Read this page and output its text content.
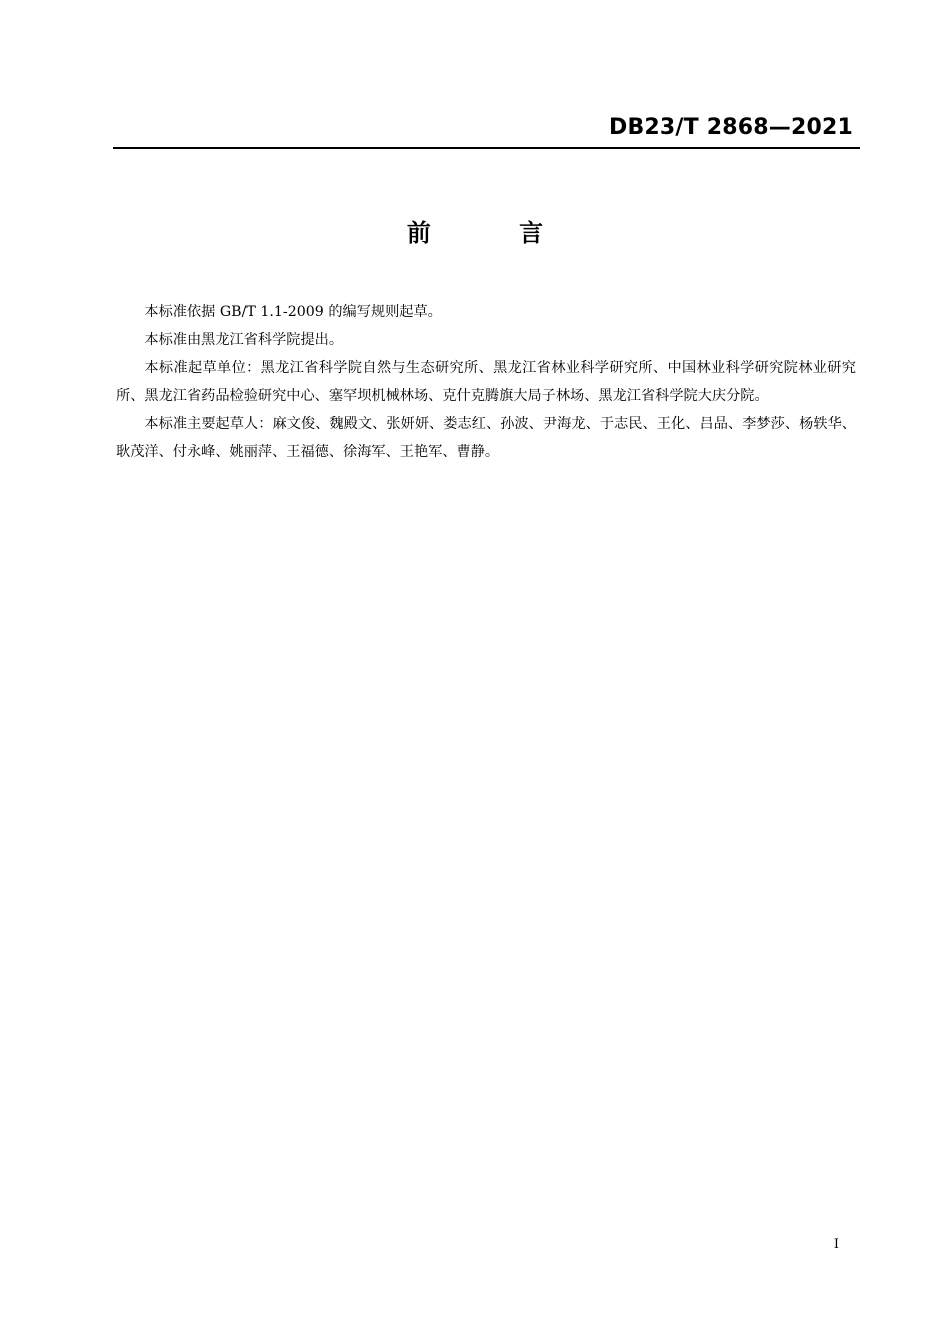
DB23/T 2868—2021
前 言

本标准依据 GB/T 1.1-2009 的编写规则起草。

本标准由黑龙江省科学院提出。

本标准起草单位：黑龙江省科学院自然与生态研究所、黑龙江省林业科学研究所、中国林业科学研究院林业研究所、黑龙江省药品检验研究中心、塞罕坝机械林场、克什克腾旗大局子林场、黑龙江省科学院大庆分院。

本标准主要起草人：麻文俊、魏殿文、张妍妍、娄志红、孙波、尹海龙、于志民、王化、吕品、李梦莎、杨轶华、耿茂洋、付永峰、姚丽萍、王福德、徐海军、王艳军、曹静。

I
